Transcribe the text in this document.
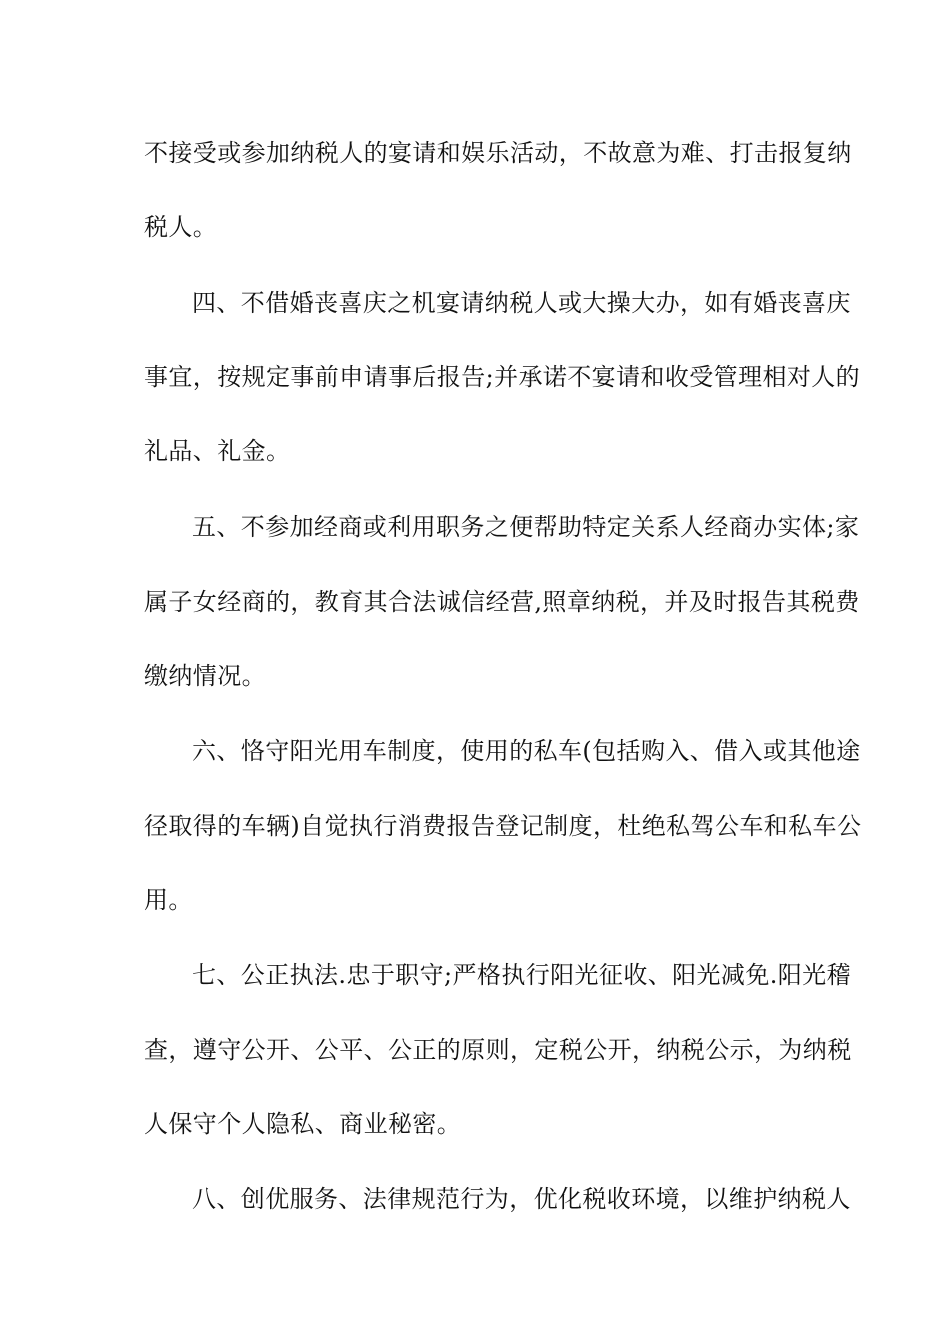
不接受或参加纳税人的宴请和娱乐活动，不故意为难、打击报复纳
税人。
四、不借婚丧喜庆之机宴请纳税人或大操大办，如有婚丧喜庆
事宜，按规定事前申请事后报告;并承诺不宴请和收受管理相对人的
礼品、礼金。
五、不参加经商或利用职务之便帮助特定关系人经商办实体;家
属子女经商的，教育其合法诚信经营,照章纳税，并及时报告其税费
缴纳情况。
六、恪守阳光用车制度，使用的私车(包括购入、借入或其他途
径取得的车辆)自觉执行消费报告登记制度，杜绝私驾公车和私车公
用。
七、公正执法.忠于职守;严格执行阳光征收、阳光减免.阳光稽
查，遵守公开、公平、公正的原则，定税公开，纳税公示，为纳税
人保守个人隐私、商业秘密。
八、创优服务、法律规范行为，优化税收环境，以维护纳税人
